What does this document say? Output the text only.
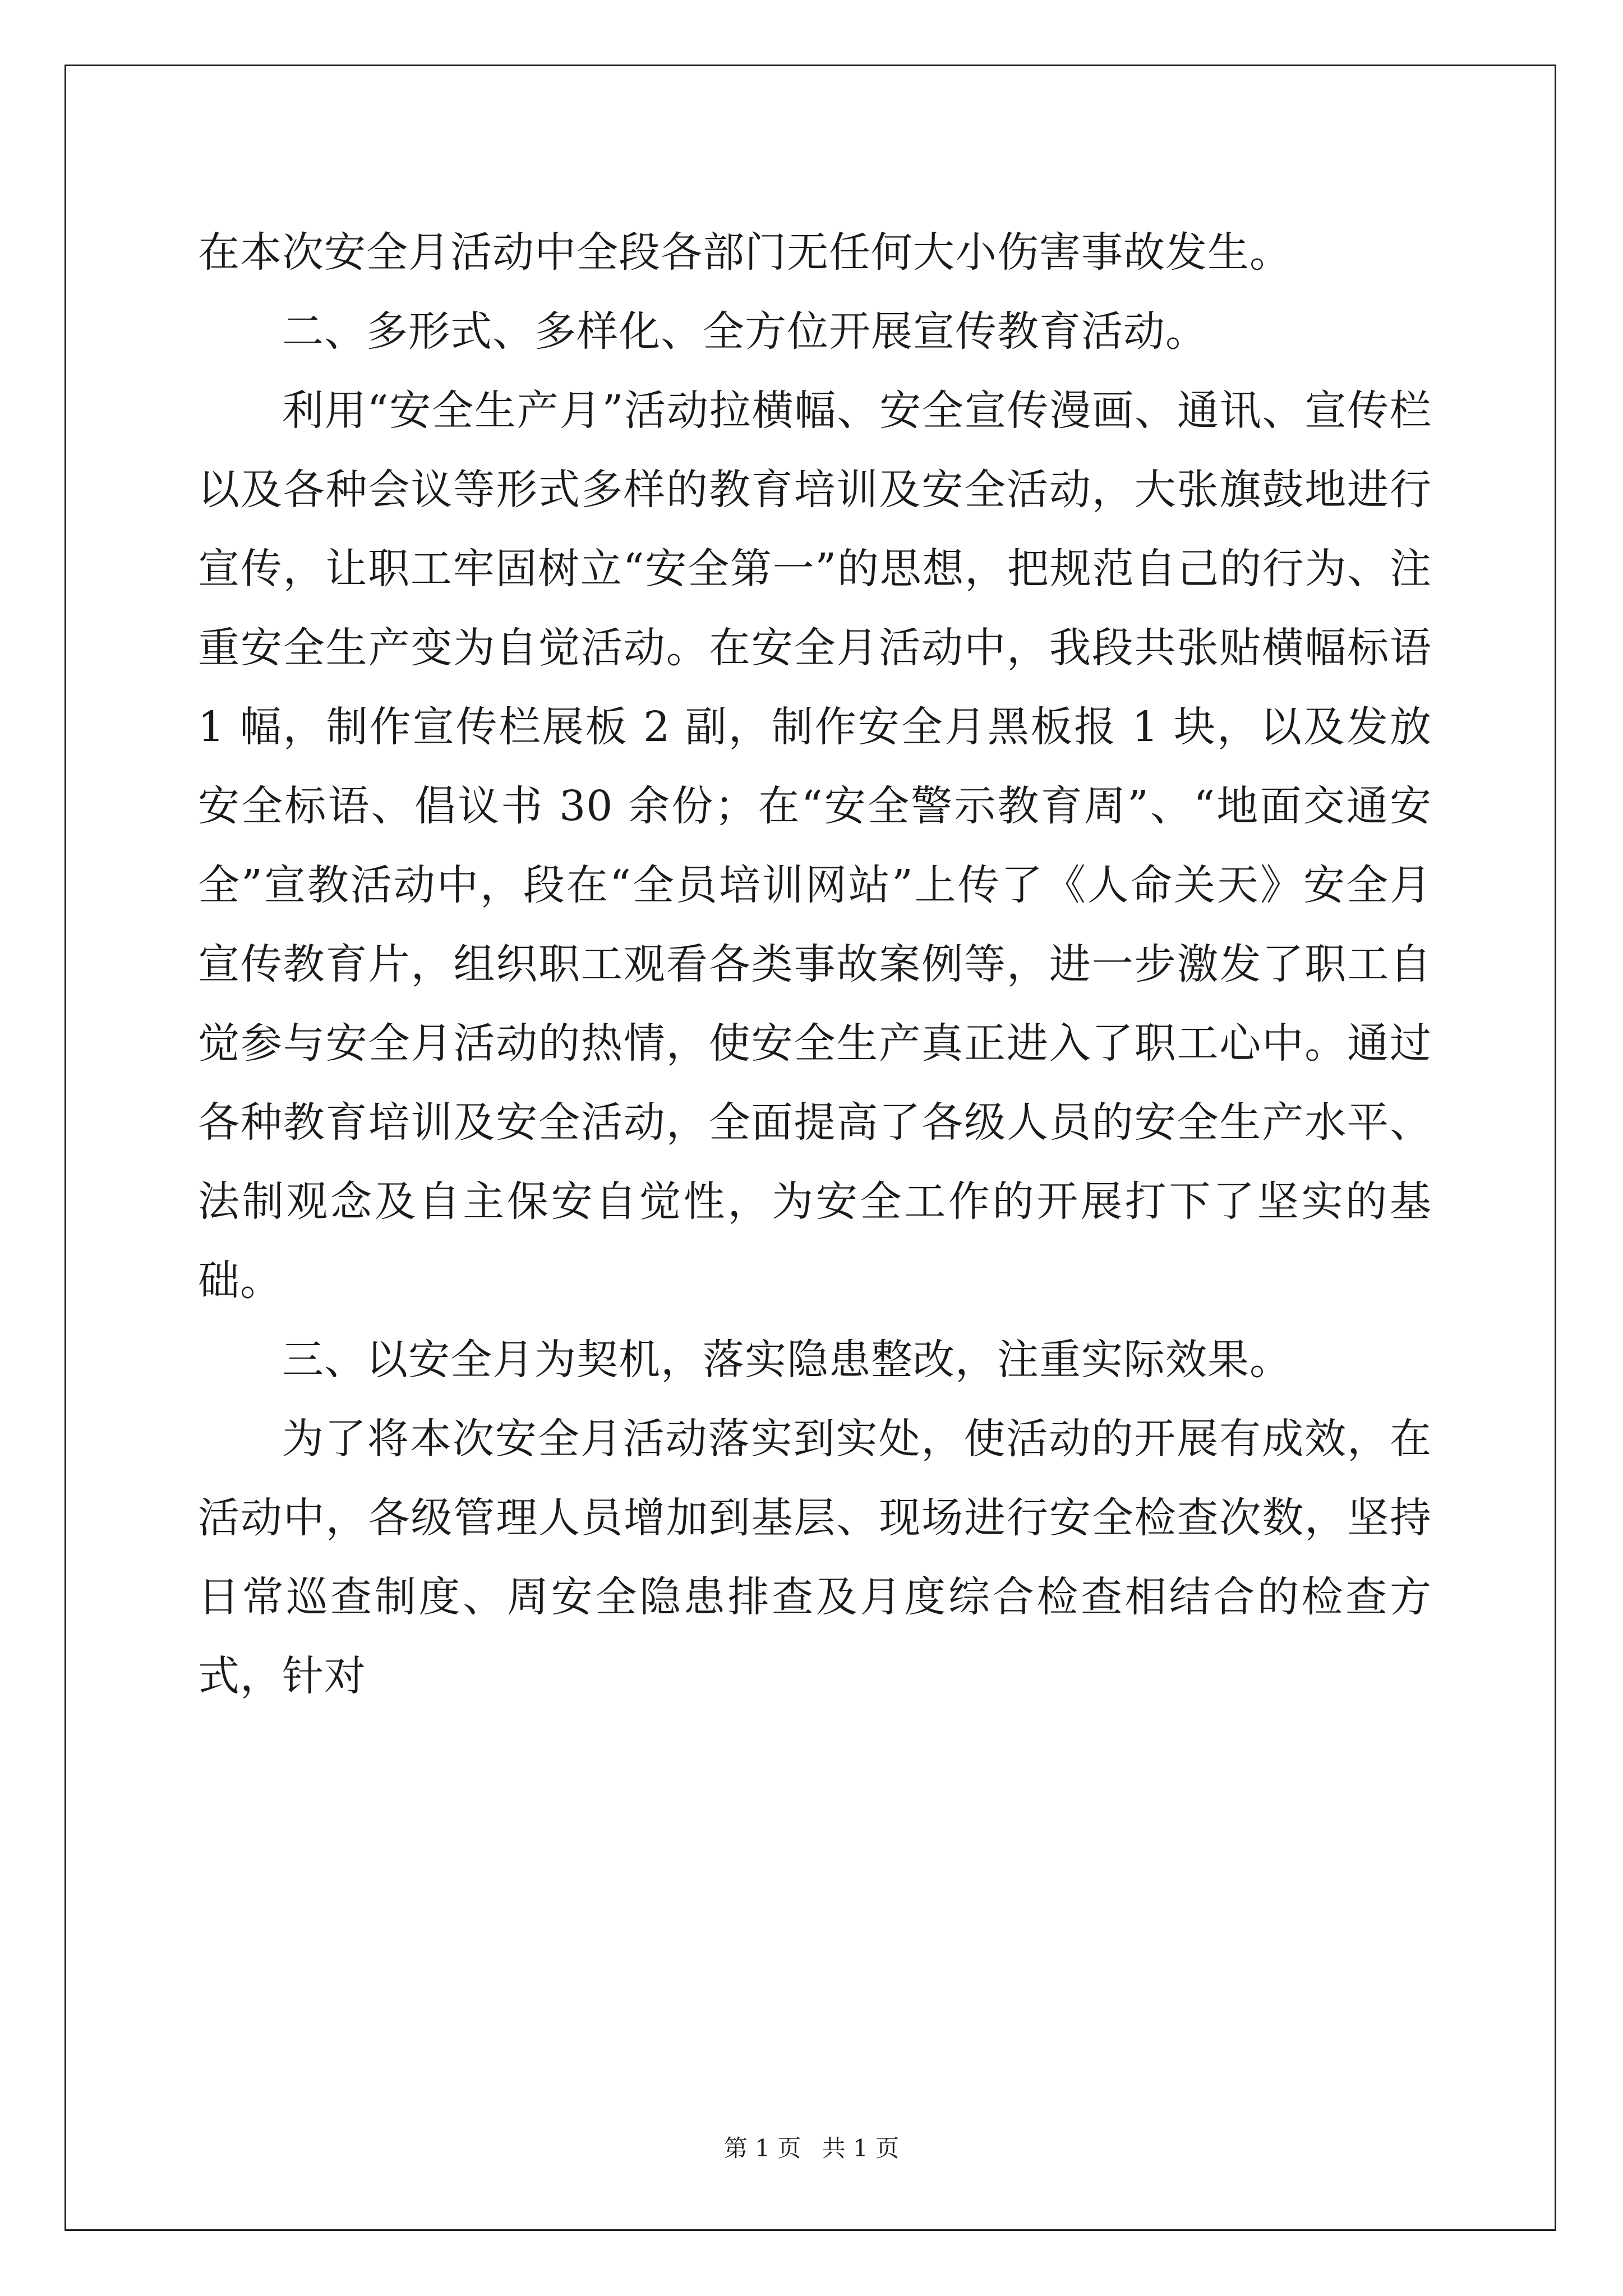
在本次安全月活动中全段各部门无任何大小伤害事故发生。

二、多形式、多样化、全方位开展宣传教育活动。

利用“安全生产月”活动拉横幅、安全宣传漫画、通讯、宣传栏以及各种会议等形式多样的教育培训及安全活动，大张旗鼓地进行宣传，让职工牢固树立“安全第一”的思想，把规范自己的行为、注重安全生产变为自觉活动。在安全月活动中，我段共张贴横幅标语 1 幅，制作宣传栏展板 2 副，制作安全月黑板报 1 块，以及发放安全标语、倡议书 30 余份；在“安全警示教育周”、“地面交通安全”宣教活动中，段在“全员培训网站”上传了《人命关天》安全月宣传教育片，组织职工观看各类事故案例等，进一步激发了职工自觉参与安全月活动的热情，使安全生产真正进入了职工心中。通过各种教育培训及安全活动，全面提高了各级人员的安全生产水平、法制观念及自主保安自觉性，为安全工作的开展打下了坚实的基础。

三、以安全月为契机，落实隐患整改，注重实际效果。

为了将本次安全月活动落实到实处，使活动的开展有成效，在活动中，各级管理人员增加到基层、现场进行安全检查次数，坚持日常巡查制度、周安全隐患排查及月度综合检查相结合的检查方式，针对

第 1 页 共 1 页
